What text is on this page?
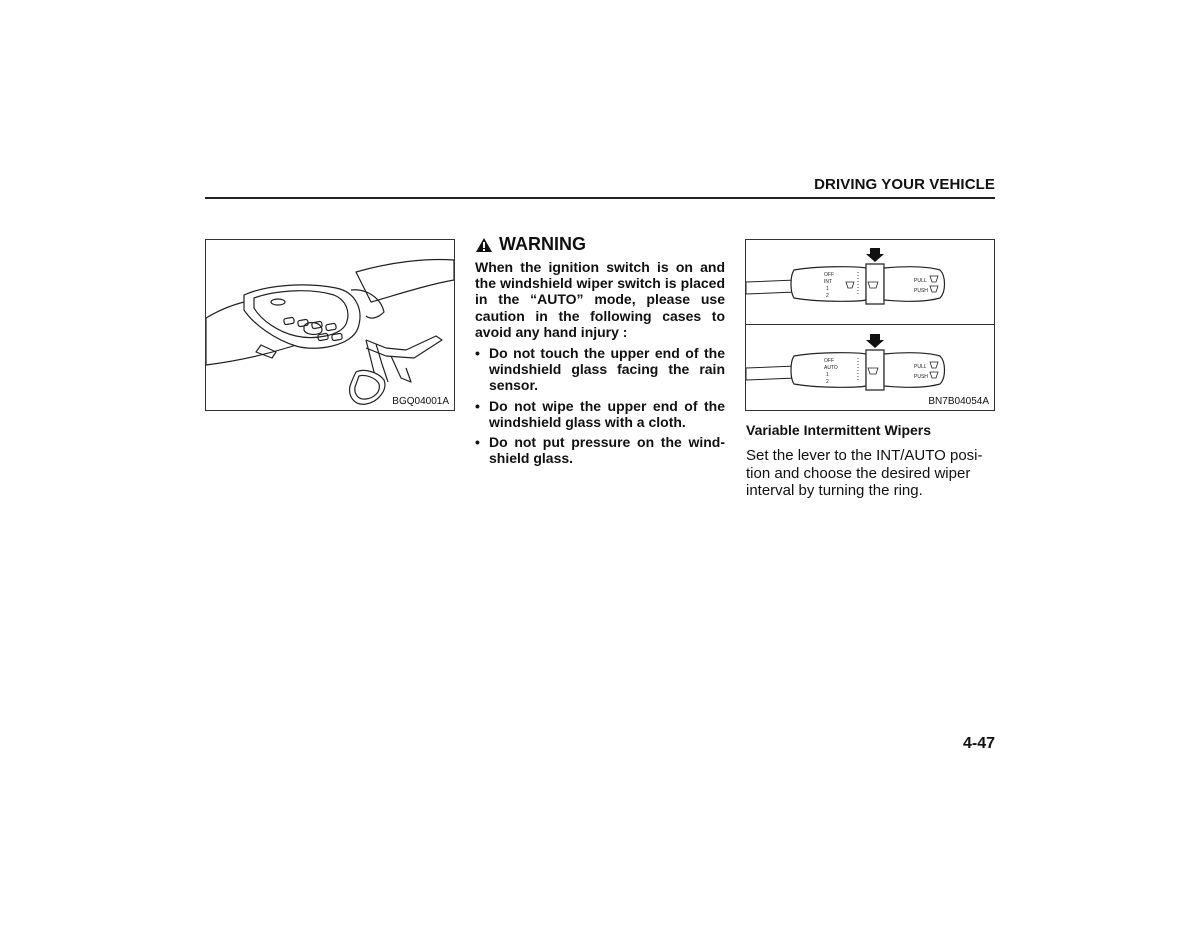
DRIVING YOUR VEHICLE
BGQ04001A
WARNING

When the ignition switch is on and the windshield wiper switch is placed in the “AUTO” mode, please use caution in the following cases to avoid any hand injury :

• Do not touch the upper end of the windshield glass facing the rain sensor.
• Do not wipe the upper end of the windshield glass with a cloth.
• Do not put pressure on the wind-shield glass.
OFF
INT
1
2
PULL
PUSH
OFF
AUTO
1
2
PULL
PUSH
BN7B04054A
Variable Intermittent Wipers
Set the lever to the INT/AUTO posi-tion and choose the desired wiper interval by turning the ring.
4-47
